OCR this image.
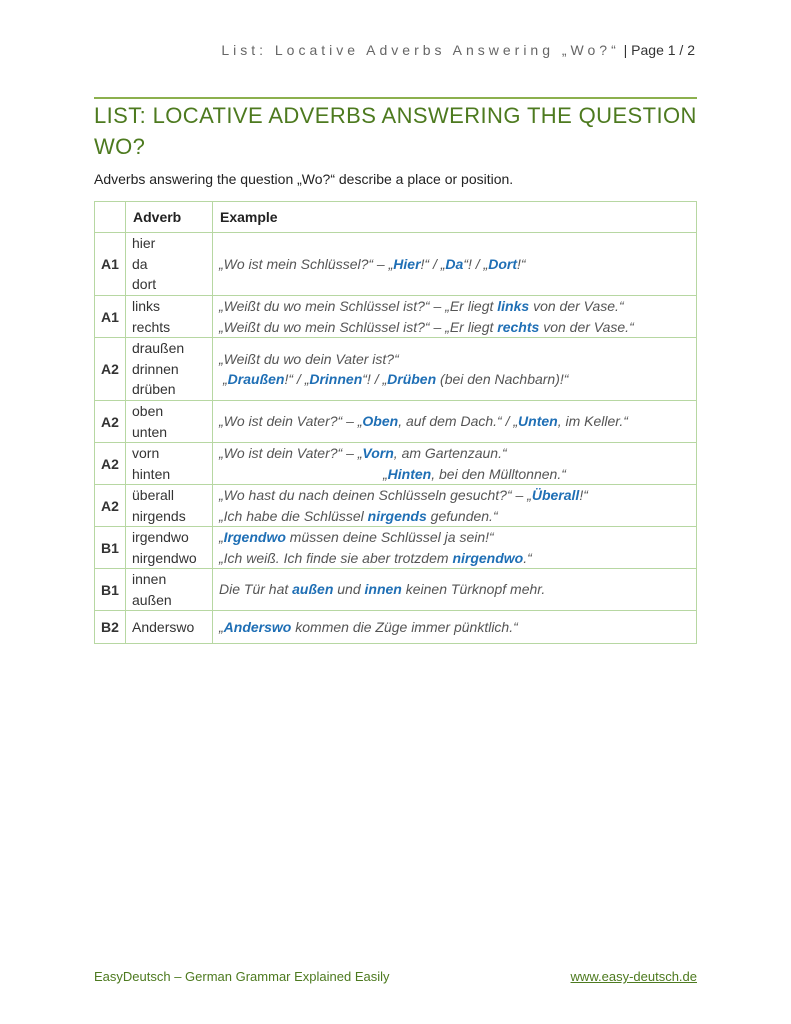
List: Locative Adverbs Answering „Wo?“ | Page 1 / 2
LIST: LOCATIVE ADVERBS ANSWERING THE QUESTION WO?
Adverbs answering the question „Wo?“ describe a place or position.
	Adverb	Example
A1	hier
da
dort	„Wo ist mein Schlüssel?“ – „Hier!“ / „Da“! / „Dort!“

A1	links
rechts	„Weißt du wo mein Schlüssel ist?“ – „Er liegt links von der Vase.“
„Weißt du wo mein Schlüssel ist?“ – „Er liegt rechts von der Vase.“

A2	draußen
drinnen
drüben	„Weißt du wo dein Vater ist?“
„Draußen!“ / „Drinnen“! / „Drüben (bei den Nachbarn)!“

A2	oben
unten	„Wo ist dein Vater?“ – „Oben, auf dem Dach.“ / „Unten, im Keller.“

A2	vorn
hinten	„Wo ist dein Vater?“ – „Vorn, am Gartenzaun.“
„Hinten, bei den Mülltonnen.“

A2	überall
nirgends	„Wo hast du nach deinen Schlüsseln gesucht?“ – „Überall!“
„Ich habe die Schlüssel nirgends gefunden.“

B1	irgendwo
nirgendwo	„Irgendwo müssen deine Schlüssel ja sein!“
„Ich weiß. Ich finde sie aber trotzdem nirgendwo.“

B1	innen
außen	Die Tür hat außen und innen keinen Türknopf mehr.

B2	Anderswo	„Anderswo kommen die Züge immer pünktlich.“
EasyDeutsch – German Grammar Explained Easily	www.easy-deutsch.de
